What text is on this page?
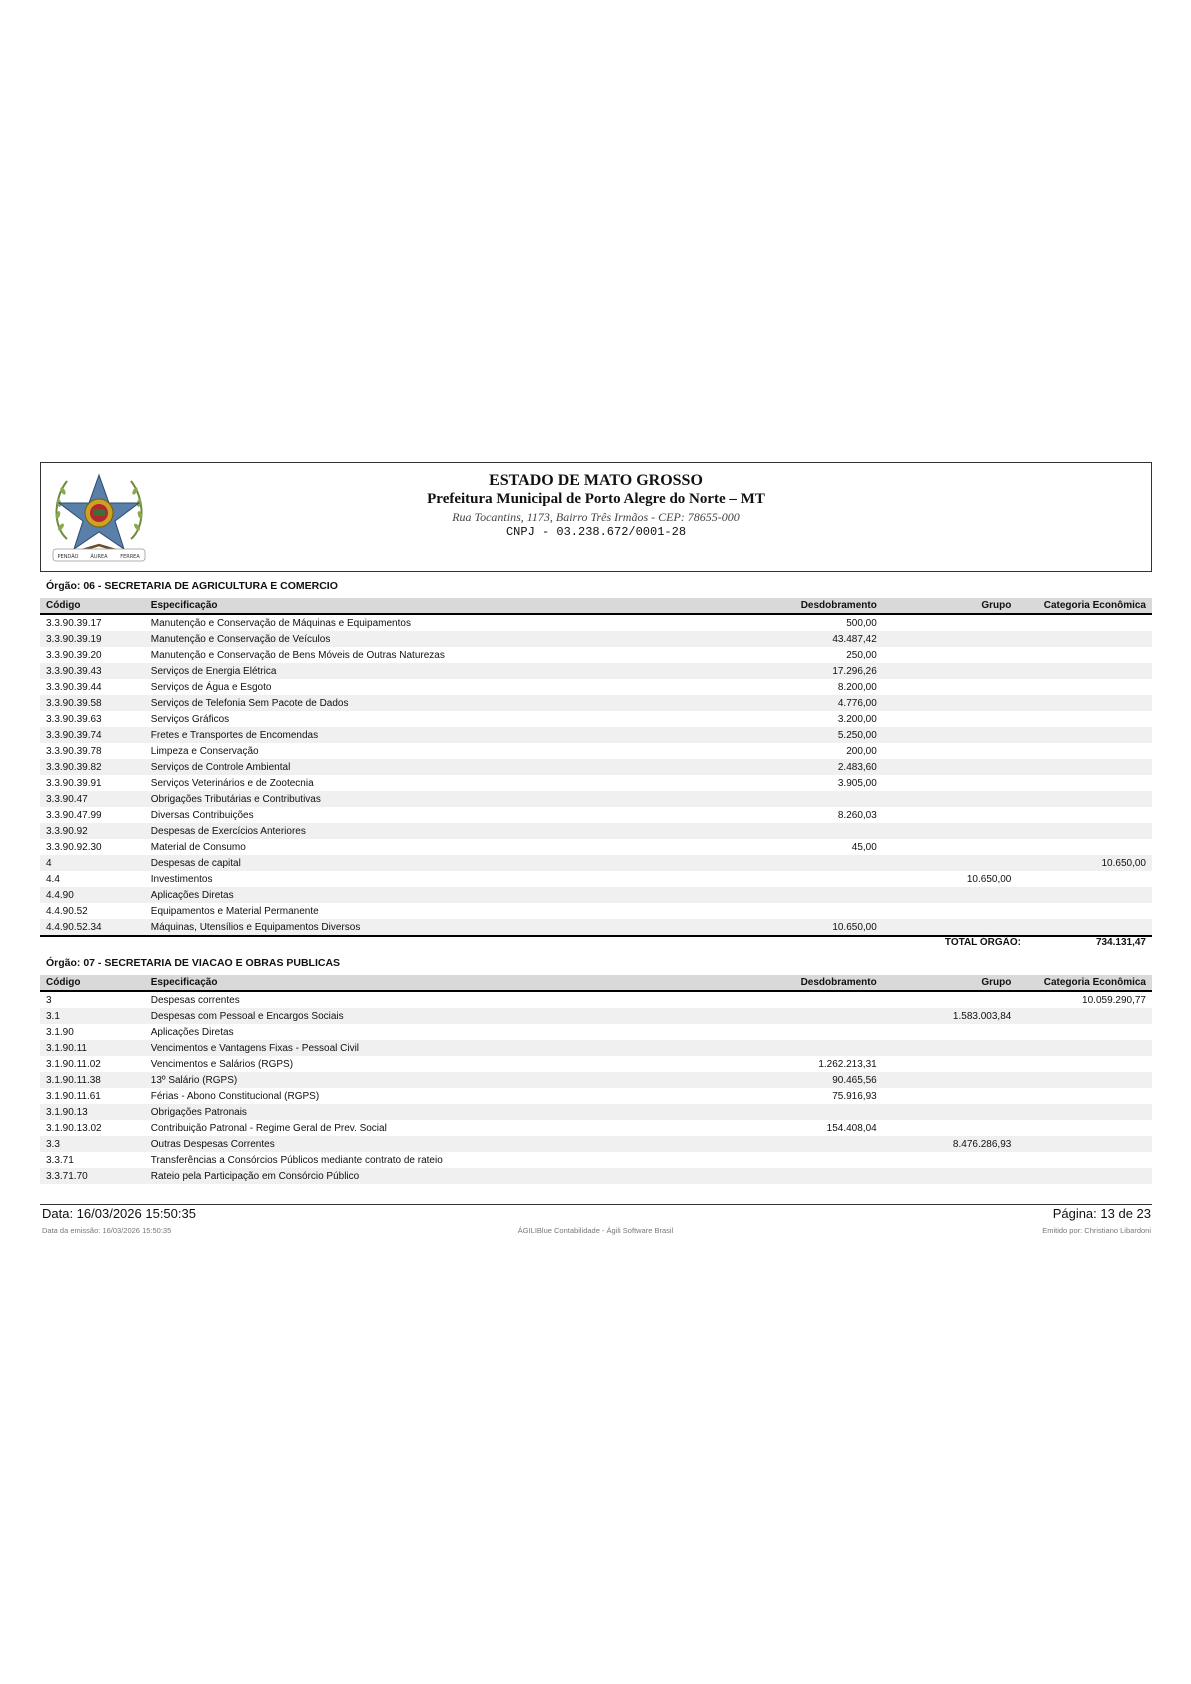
PENDÃO ÁUREA	FERREA
ESTADO DE MATO GROSSO
Prefeitura Municipal de Porto Alegre do Norte – MT
Rua Tocantins, 1173, Bairro Três Irmãos - CEP: 78655-000
CNPJ - 03.238.672/0001-28
Órgão: 06 - SECRETARIA DE AGRICULTURA E COMERCIO
Código	Especificação	Desdobramento	Grupo	Categoria Econômica
3.3.90.39.17	Manutenção e Conservação de Máquinas e Equipamentos	500,00		
3.3.90.39.19	Manutenção e Conservação de Veículos	43.487,42		
3.3.90.39.20	Manutenção e Conservação de Bens Móveis de Outras Naturezas	250,00		
3.3.90.39.43	Serviços de Energia Elétrica	17.296,26		
3.3.90.39.44	Serviços de Água e Esgoto	8.200,00		
3.3.90.39.58	Serviços de Telefonia Sem Pacote de Dados	4.776,00		
3.3.90.39.63	Serviços Gráficos	3.200,00		
3.3.90.39.74	Fretes e Transportes de Encomendas	5.250,00		
3.3.90.39.78	Limpeza e Conservação	200,00		
3.3.90.39.82	Serviços de Controle Ambiental	2.483,60		
3.3.90.39.91	Serviços Veterinários e de Zootecnia	3.905,00		
3.3.90.47	Obrigações Tributárias e Contributivas			
3.3.90.47.99	Diversas Contribuições	8.260,03		
3.3.90.92	Despesas de Exercícios Anteriores			
3.3.90.92.30	Material de Consumo	45,00		
4	Despesas de capital			10.650,00
4.4	Investimentos		10.650,00	
4.4.90	Aplicações Diretas			
4.4.90.52	Equipamentos e Material Permanente			
4.4.90.52.34	Máquinas, Utensílios e Equipamentos Diversos	10.650,00		
TOTAL ÓRGÃO:	734.131,47
Órgão: 07 - SECRETARIA DE VIACAO E OBRAS PUBLICAS
Código	Especificação	Desdobramento	Grupo	Categoria Econômica
3	Despesas correntes			10.059.290,77
3.1	Despesas com Pessoal e Encargos Sociais		1.583.003,84	
3.1.90	Aplicações Diretas			
3.1.90.11	Vencimentos e Vantagens Fixas - Pessoal Civil			
3.1.90.11.02	Vencimentos e Salários (RGPS)	1.262.213,31		
3.1.90.11.38	13º Salário (RGPS)	90.465,56		
3.1.90.11.61	Férias - Abono Constitucional (RGPS)	75.916,93		
3.1.90.13	Obrigações Patronais			
3.1.90.13.02	Contribuição Patronal - Regime Geral de Prev. Social	154.408,04		
3.3	Outras Despesas Correntes		8.476.286,93	
3.3.71	Transferências a Consórcios Públicos mediante contrato de rateio			
3.3.71.70	Rateio pela Participação em Consórcio Público			
Data: 16/03/2026 15:50:35	Página: 13 de 23
Data da emissão: 16/03/2026 15:50:35	ÁGILIBlue Contabilidade - Ágili Software Brasil	Emitido por: Christiano Libardoni
